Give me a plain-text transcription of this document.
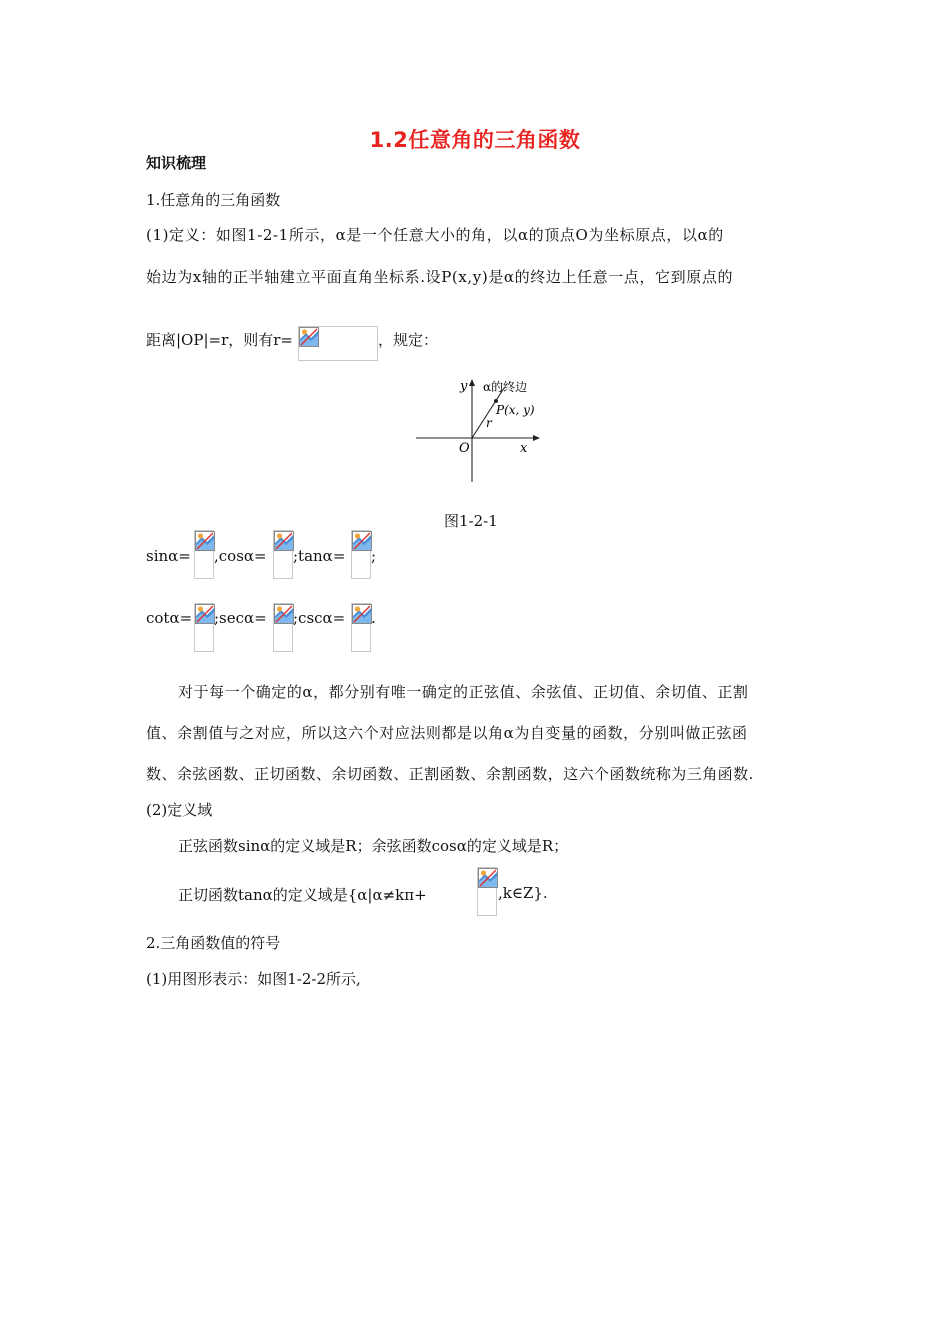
1.2任意角的三角函数
知识梳理
1.任意角的三角函数
(1)定义：如图1-2-1所示，α是一个任意大小的角，以α的顶点O为坐标原点，以α的
始边为x轴的正半轴建立平面直角坐标系.设P(x,y)是α的终边上任意一点，它到原点的
距离|OP|=r，则有r=	，规定：
y
x
O
α的终边
P(x, y)
r
图1-2-1
sinα= ,cosα= ;tanα= ;
cotα= ;secα= ;cscα= .
对于每一个确定的α，都分别有唯一确定的正弦值、余弦值、正切值、余切值、正割
值、余割值与之对应，所以这六个对应法则都是以角α为自变量的函数，分别叫做正弦函
数、余弦函数、正切函数、余切函数、正割函数、余割函数，这六个函数统称为三角函数.
(2)定义域
正弦函数sinα的定义域是R；余弦函数cosα的定义域是R；
正切函数tanα的定义域是{α|α≠kπ+	,k∈Z}.
2.三角函数值的符号
(1)用图形表示：如图1-2-2所示,
